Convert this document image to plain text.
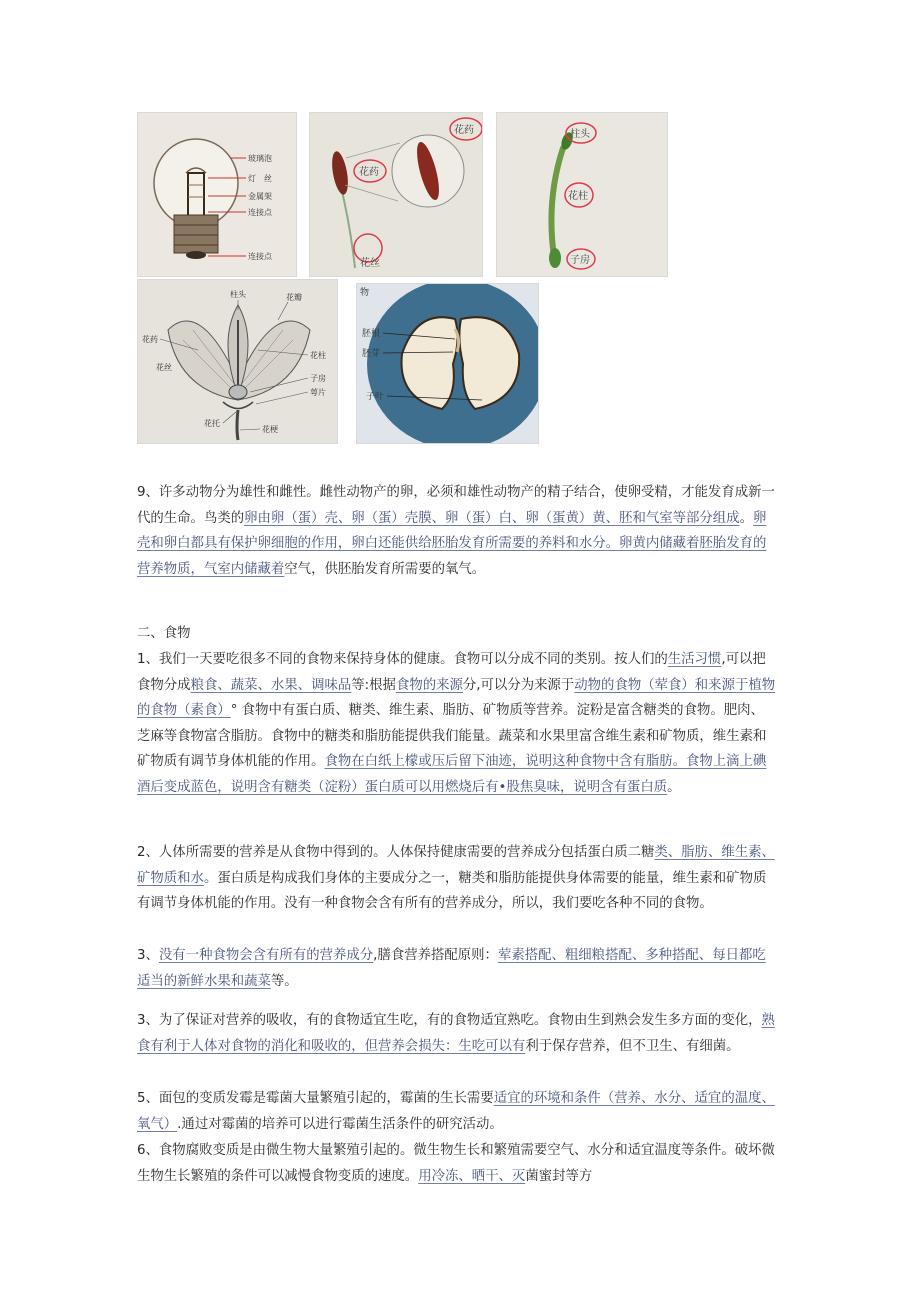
玻璃泡
灯　丝
金属架
连接点
连接点
花药
花药
花丝
柱头
花柱
子房
柱头	花瓣
花药
花丝
花柱
子房
萼片
花托
花梗
物
胚根
胚芽
子叶

9、许多动物分为雄性和雌性。雌性动物产的卵，必须和雄性动物产的精子结合，使卵受精，才能发育成新一代的生命。鸟类的卵由卵（蛋）壳、卵（蛋）壳膜、卵（蛋）白、卵（蛋黄）黄、胚和气室等部分组成。卵壳和卵白都具有保护卵细胞的作用，卵白还能供给胚胎发育所需要的养料和水分。卵黄内储藏着胚胎发育的营养物质，气室内储藏着空气，供胚胎发育所需要的氧气。

二、食物

1、我们一天要吃很多不同的食物来保持身体的健康。食物可以分成不同的类别。按人们的生活习惯,可以把食物分成粮食、蔬菜、水果、调味品等:根据食物的来源分,可以分为来源于动物的食物（荤食）和来源于植物的食物（素食）° 食物中有蛋白质、糖类、维生素、脂肪、矿物质等营养。淀粉是富含糖类的食物。肥肉、芝麻等食物富含脂肪。食物中的糖类和脂肪能提供我们能量。蔬菜和水果里富含维生素和矿物质，维生素和矿物质有调节身体机能的作用。食物在白纸上檬或压后留下油迹，说明这种食物中含有脂肪。食物上滴上碘酒后变成蓝色，说明含有糖类（淀粉）蛋白质可以用燃烧后有•股焦臭味，说明含有蛋白质。

2、人体所需要的营养是从食物中得到的。人体保持健康需要的营养成分包括蛋白质二糖类、脂肪、维生素、矿物质和水。蛋白质是构成我们身体的主要成分之一，糖类和脂肪能提供身体需要的能量，维生素和矿物质有调节身体机能的作用。没有一种食物会含有所有的营养成分，所以，我们要吃各种不同的食物。

3、没有一种食物会含有所有的营养成分,膳食营养搭配原则：荤素搭配、粗细粮搭配、多种搭配、每日都吃适当的新鲜水果和蔬菜等。

3、为了保证对营养的吸收，有的食物适宜生吃，有的食物适宜熟吃。食物由生到熟会发生多方面的变化，熟食有利于人体对食物的消化和吸收的，但营养会损失：生吃可以有利于保存营养，但不卫生、有细菌。

5、面包的变质发霉是霉菌大量繁殖引起的，霉菌的生长需要适宜的环境和条件（营养、水分、适宜的温度、氧气）.通过对霉菌的培养可以进行霉菌生活条件的研究活动。

6、食物腐败变质是由微生物大量繁殖引起的。微生物生长和繁殖需要空气、水分和适宜温度等条件。破坏微生物生长繁殖的条件可以减慢食物变质的速度。用冷冻、晒干、灭菌蜜封等方
